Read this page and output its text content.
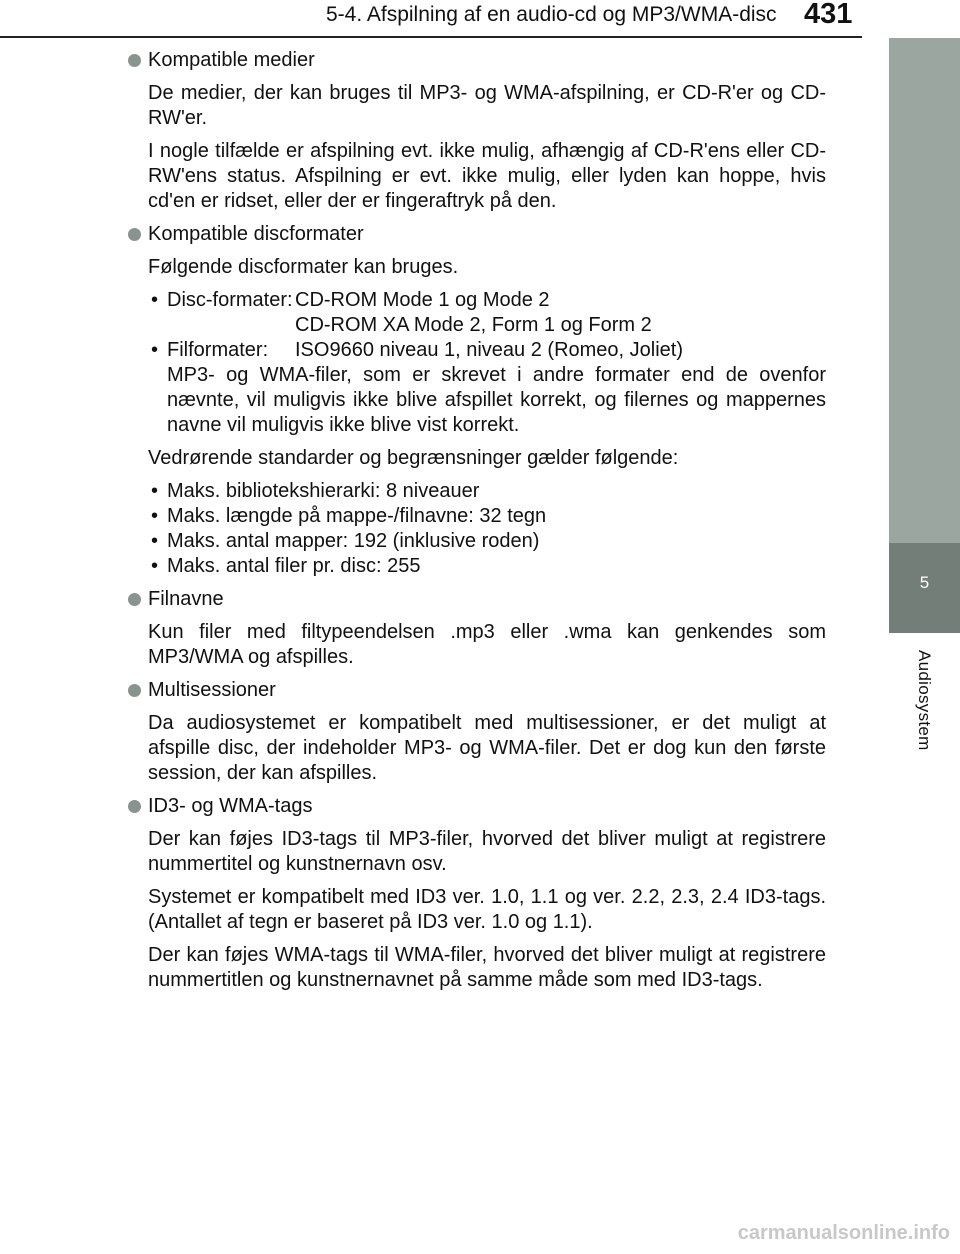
5-4. Afspilning af en audio-cd og MP3/WMA-disc 431
5
Audiosystem
Kompatible medier

De medier, der kan bruges til MP3- og WMA-afspilning, er CD-R'er og CD-RW'er.

I nogle tilfælde er afspilning evt. ikke mulig, afhængig af CD-R'ens eller CD-RW'ens status. Afspilning er evt. ikke mulig, eller lyden kan hoppe, hvis cd'en er ridset, eller der er fingeraftryk på den.

Kompatible discformater

Følgende discformater kan bruges.

• Disc-formater: CD-ROM Mode 1 og Mode 2
CD-ROM XA Mode 2, Form 1 og Form 2
• Filformater:	ISO9660 niveau 1, niveau 2 (Romeo, Joliet)
MP3- og WMA-filer, som er skrevet i andre formater end de ovenfor nævnte, vil muligvis ikke blive afspillet korrekt, og filernes og mappernes navne vil muligvis ikke blive vist korrekt.

Vedrørende standarder og begrænsninger gælder følgende:

• Maks. bibliotekshierarki: 8 niveauer
• Maks. længde på mappe-/filnavne: 32 tegn
• Maks. antal mapper: 192 (inklusive roden)
• Maks. antal filer pr. disc: 255
Filnavne

Kun filer med filtypeendelsen .mp3 eller .wma kan genkendes som MP3/WMA og afspilles.

Multisessioner

Da audiosystemet er kompatibelt med multisessioner, er det muligt at afspille disc, der indeholder MP3- og WMA-filer. Det er dog kun den første session, der kan afspilles.

ID3- og WMA-tags

Der kan føjes ID3-tags til MP3-filer, hvorved det bliver muligt at registrere nummertitel og kunstnernavn osv.

Systemet er kompatibelt med ID3 ver. 1.0, 1.1 og ver. 2.2, 2.3, 2.4 ID3-tags. (Antallet af tegn er baseret på ID3 ver. 1.0 og 1.1).

Der kan føjes WMA-tags til WMA-filer, hvorved det bliver muligt at registrere nummertitlen og kunstnernavnet på samme måde som med ID3-tags.

carmanualsonline.info
